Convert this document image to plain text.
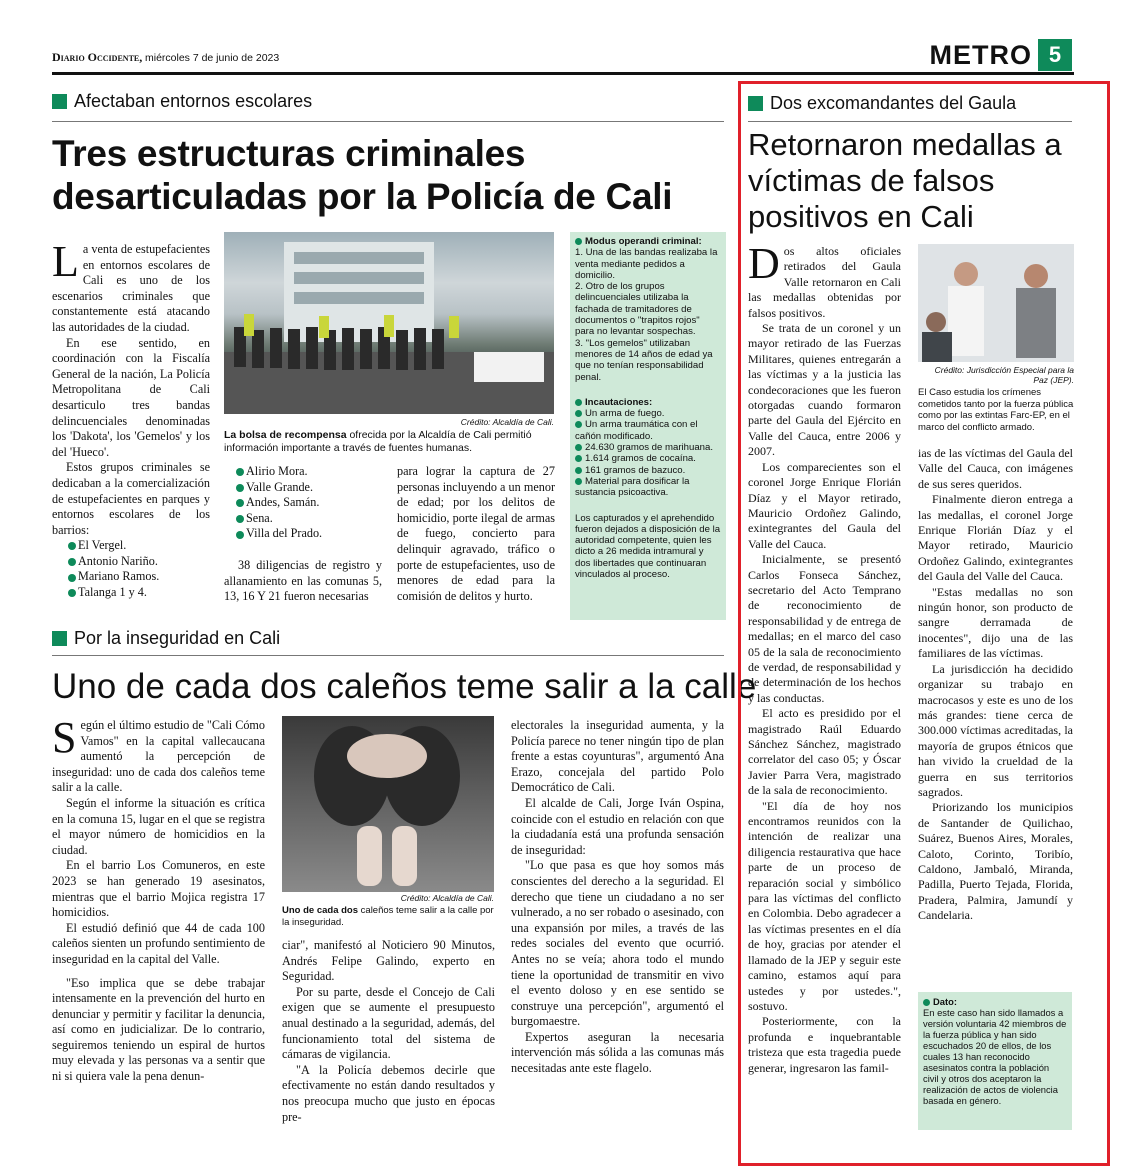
Diario Occidente, miércoles 7 de junio de 2023	METRO 5
Afectaban entornos escolares
Tres estructuras criminales desarticuladas por la Policía de Cali

La venta de estupefacientes en entornos escolares de Cali es uno de los escenarios criminales que constantemente está atacando las autoridades de la ciudad.

En ese sentido, en coordinación con la Fiscalía General de la nación, La Policía Metropolitana de Cali desarticulo tres bandas delincuenciales denominadas los 'Dakota', los 'Gemelos' y los del 'Hueco'.

Estos grupos criminales se dedicaban a la comercialización de estupefacientes en parques y entornos escolares de los barrios:

El Vergel.
Antonio Nariño.
Mariano Ramos.
Talanga 1 y 4.
Crédito: Alcaldía de Cali.
La bolsa de recompensa ofrecida por la Alcaldía de Cali permitió información importante a través de fuentes humanas.
Alirio Mora.
Valle Grande.
Andes, Samán.
Sena.
Villa del Prado.

38 diligencias de registro y allanamiento en las comunas 5, 13, 16 Y 21 fueron necesarias

para lograr la captura de 27 personas incluyendo a un menor de edad; por los delitos de homicidio, porte ilegal de armas de fuego, concierto para delinquir agravado, tráfico o porte de estupefacientes, uso de menores de edad para la comisión de delitos y hurto.

Modus operandi criminal:
1. Una de las bandas realizaba la venta mediante pedidos a domicilio.
2. Otro de los grupos delincuenciales utilizaba la fachada de tramitadores de documentos o "trapitos rojos" para no levantar sospechas.
3. "Los gemelos" utilizaban menores de 14 años de edad ya que no tenían responsabilidad penal.
Incautaciones:
Un arma de fuego.
Un arma traumática con el cañón modificado.
24.630 gramos de marihuana.
1.614 gramos de cocaína.
161 gramos de bazuco.
Material para dosificar la sustancia psicoactiva.
Los capturados y el aprehendido fueron dejados a disposición de la autoridad competente, quien les dicto a 26 medida intramural y dos libertades que continuaran vinculados al proceso.
Por la inseguridad en Cali
Uno de cada dos caleños teme salir a la calle

Según el último estudio de "Cali Cómo Vamos" en la capital vallecaucana aumentó la percepción de inseguridad: uno de cada dos caleños teme salir a la calle.

Según el informe la situación es crítica en la comuna 15, lugar en el que se registra el mayor número de homicidios en la ciudad.

En el barrio Los Comuneros, en este 2023 se han generado 19 asesinatos, mientras que el barrio Mojica registra 17 homicidios.

El estudió definió que 44 de cada 100 caleños sienten un profundo sentimiento de inseguridad en la capital del Valle.

"Eso implica que se debe trabajar intensamente en la prevención del hurto en denunciar y permitir y facilitar la denuncia, así como en judicializar. De lo contrario, seguiremos teniendo un espiral de hurtos muy elevada y las personas va a sentir que ni si quiera vale la pena denun-

Crédito: Alcaldía de Cali.
Uno de cada dos caleños teme salir a la calle por la inseguridad.

ciar", manifestó al Noticiero 90 Minutos, Andrés Felipe Galindo, experto en Seguridad.

Por su parte, desde el Concejo de Cali exigen que se aumente el presupuesto anual destinado a la seguridad, además, del funcionamiento total del sistema de cámaras de vigilancia.

"A la Policía debemos decirle que efectivamente no están dando resultados y nos preocupa mucho que justo en épocas pre-

electorales la inseguridad aumenta, y la Policía parece no tener ningún tipo de plan frente a estas coyunturas", argumentó Ana Erazo, concejala del partido Polo Democrático de Cali.

El alcalde de Cali, Jorge Iván Ospina, coincide con el estudio en relación con que la ciudadanía está una profunda sensación de inseguridad:

"Lo que pasa es que hoy somos más conscientes del derecho a la seguridad. El derecho que tiene un ciudadano a no ser vulnerado, a no ser robado o asesinado, con una expansión por miles, a través de las redes sociales del evento que ocurrió. Antes no se veía; ahora todo el mundo tiene la oportunidad de transmitir en vivo el evento doloso y en ese sentido se construye una percepción", argumentó el burgomaestre.

Expertos aseguran la necesaria intervención más sólida a las comunas más necesitadas ante este flagelo.

Dos excomandantes del Gaula
Retornaron medallas a víctimas de falsos positivos en Cali

Dos altos oficiales retirados del Gaula Valle retornaron en Cali las medallas obtenidas por falsos positivos.

Se trata de un coronel y un mayor retirado de las Fuerzas Militares, quienes entregarán a las víctimas y a la justicia las condecoraciones que les fueron otorgadas cuando formaron parte del Gaula del Ejército en Valle del Cauca, entre 2006 y 2007.

Los comparecientes son el coronel Jorge Enrique Florián Díaz y el Mayor retirado, Mauricio Ordoñez Galindo, exintegrantes del Gaula del Valle del Cauca.

Inicialmente, se presentó Carlos Fonseca Sánchez, secretario del Acto Temprano de reconocimiento de responsabilidad y de entrega de medallas; en el marco del caso 05 de la sala de reconocimiento de verdad, de responsabilidad y de determinación de los hechos y las conductas.

El acto es presidido por el magistrado Raúl Eduardo Sánchez Sánchez, magistrado correlator del caso 05; y Óscar Javier Parra Vera, magistrado de la sala de reconocimiento.

"El día de hoy nos encontramos reunidos con la intención de realizar una diligencia restaurativa que hace parte de un proceso de reparación social y simbólico para las víctimas del conflicto en Colombia. Debo agradecer a las víctimas presentes en el día de hoy, gracias por atender el llamado de la JEP y seguir este camino, estamos aquí para ustedes y por ustedes.", sostuvo.

Posteriormente, con la profunda e inquebrantable tristeza que esta tragedia puede generar, ingresaron las famil-

Crédito: Jurisdicción Especial para la Paz (JEP).
El Caso estudia los crímenes cometidos tanto por la fuerza pública como por las extintas Farc-EP, en el marco del conflicto armado.

ias de las víctimas del Gaula del Valle del Cauca, con imágenes de sus seres queridos.

Finalmente dieron entrega a las medallas, el coronel Jorge Enrique Florián Díaz y el Mayor retirado, Mauricio Ordoñez Galindo, exintegrantes del Gaula del Valle del Cauca.

"Estas medallas no son ningún honor, son producto de sangre derramada de inocentes", dijo una de las familiares de las víctimas.

La jurisdicción ha decidido organizar su trabajo en macrocasos y este es uno de los más grandes: tiene cerca de 300.000 víctimas acreditadas, la mayoría de grupos étnicos que han vivido la crueldad de la guerra en sus territorios sagrados.

Priorizando los municipios de Santander de Quilichao, Suárez, Buenos Aires, Morales, Caloto, Corinto, Toribío, Caldono, Jambaló, Miranda, Padilla, Puerto Tejada, Florida, Pradera, Palmira, Jamundí y Candelaria.

Dato:
En este caso han sido llamados a versión voluntaria 42 miembros de la fuerza pública y han sido escuchados 20 de ellos, de los cuales 13 han reconocido asesinatos contra la población civil y otros dos aceptaron la realización de actos de violencia basada en género.
